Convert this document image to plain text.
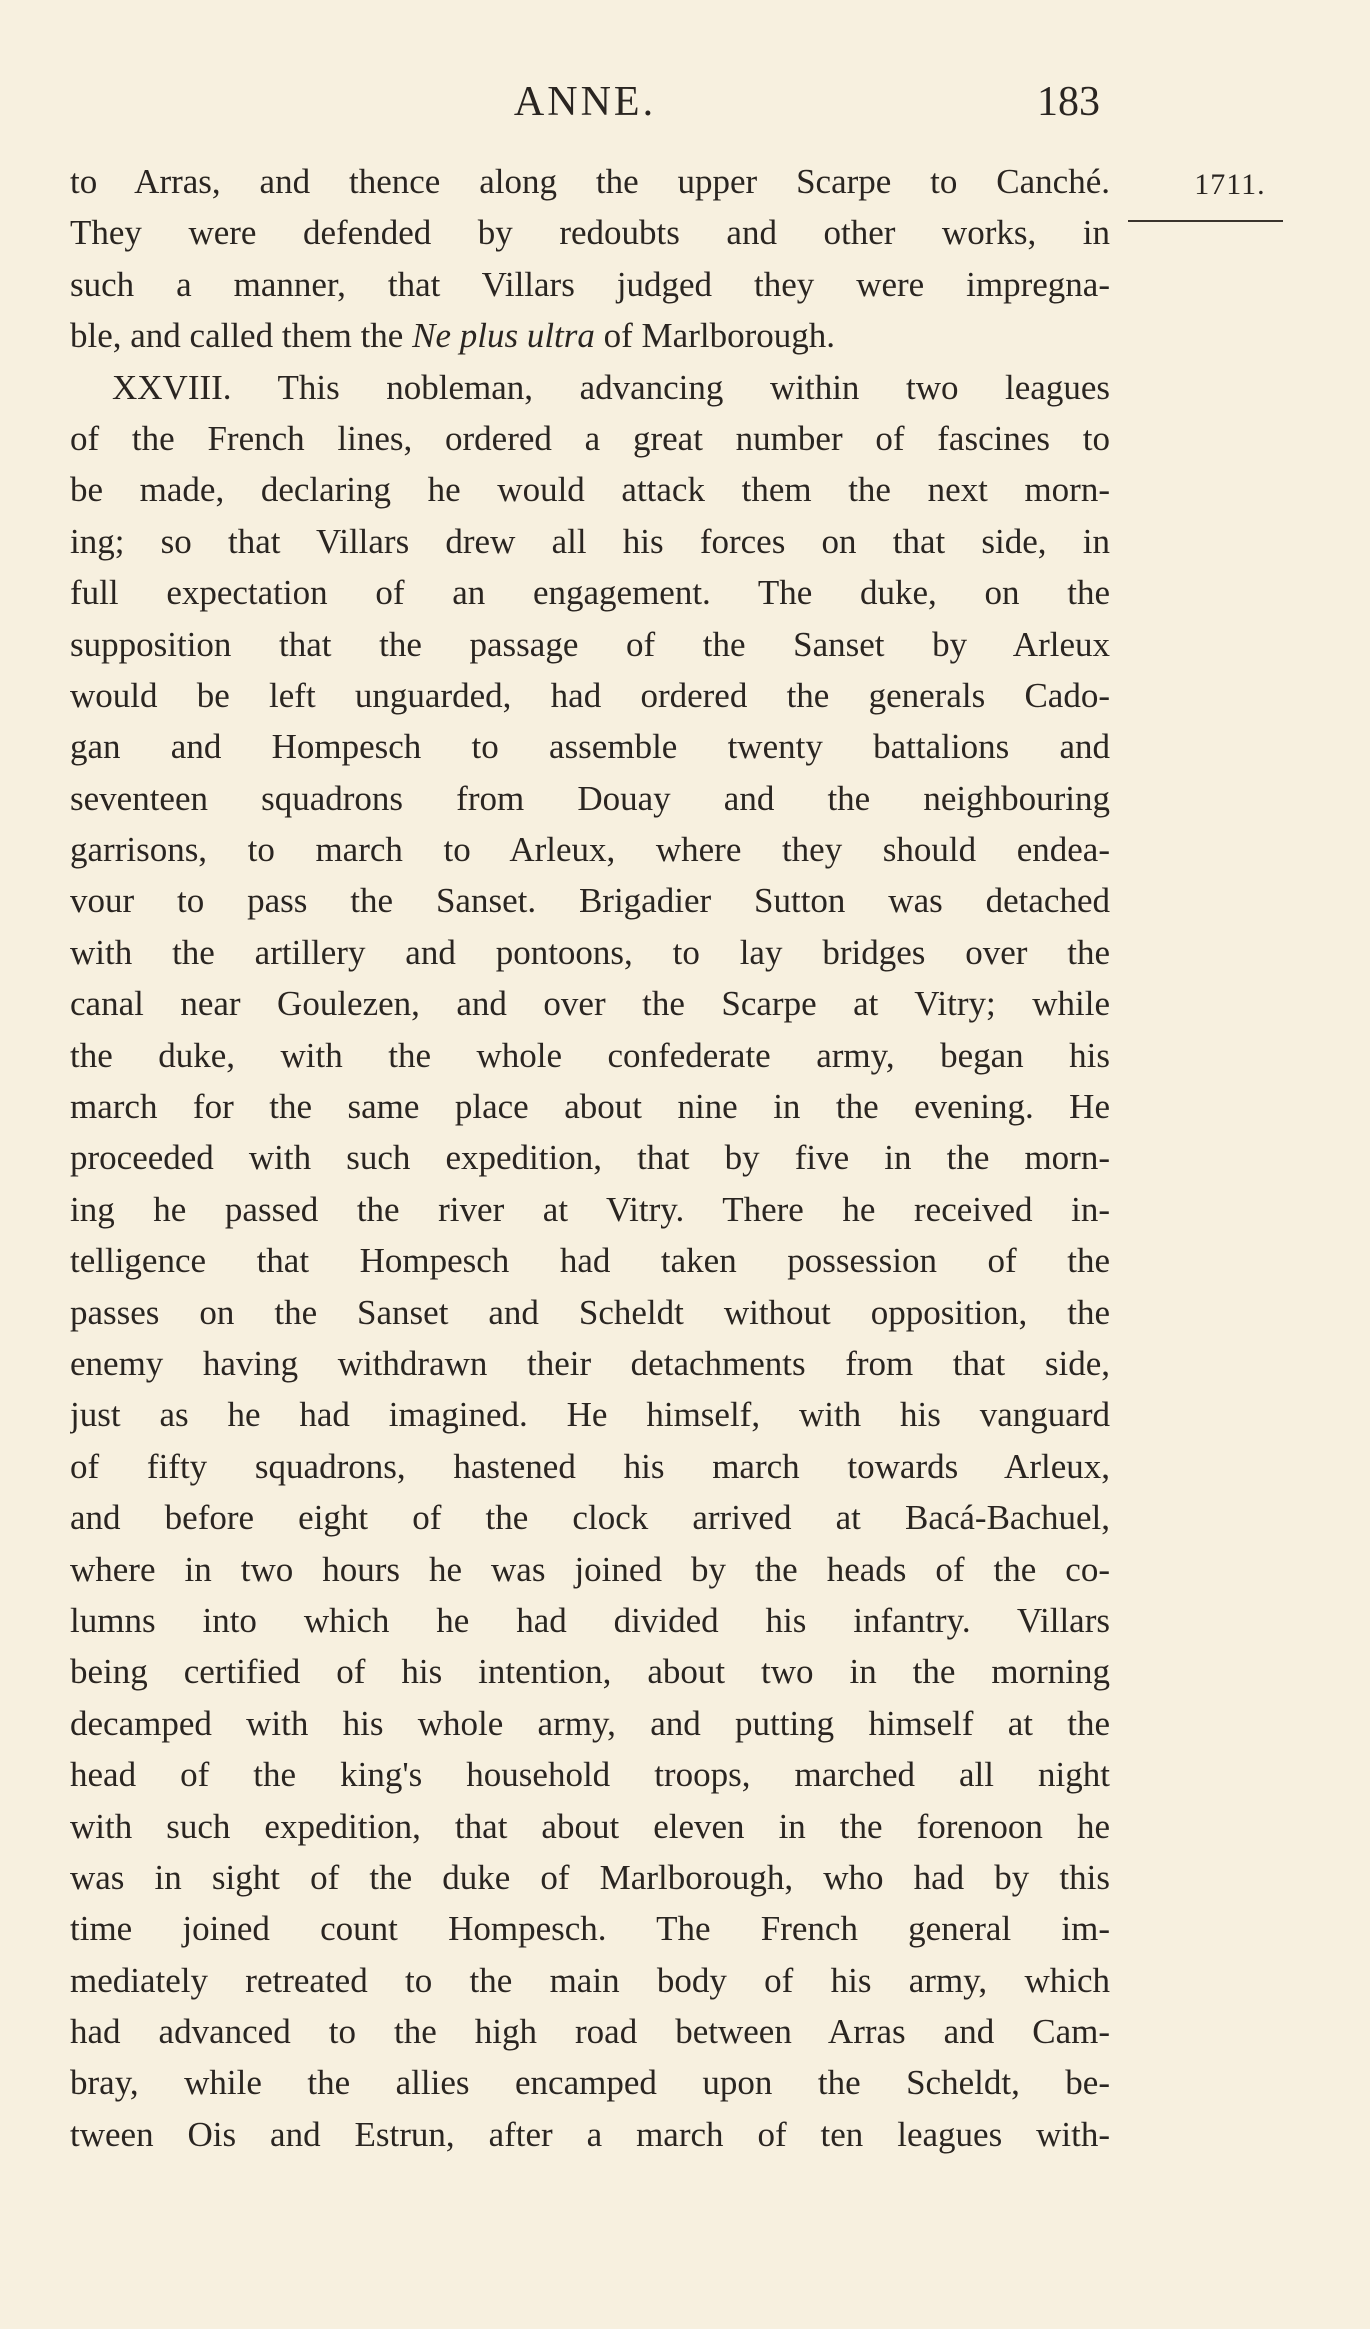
ANNE.	183
1711.
to Arras, and thence along the upper Scarpe to Canché.
They were defended by redoubts and other works, in
such a manner, that Villars judged they were impregna-
ble, and called them the Ne plus ultra of Marlborough.
XXVIII. This nobleman, advancing within two leagues
of the French lines, ordered a great number of fascines to
be made, declaring he would attack them the next morn-
ing; so that Villars drew all his forces on that side, in
full expectation of an engagement. The duke, on the
supposition that the passage of the Sanset by Arleux
would be left unguarded, had ordered the generals Cado-
gan and Hompesch to assemble twenty battalions and
seventeen squadrons from Douay and the neighbouring
garrisons, to march to Arleux, where they should endea-
vour to pass the Sanset. Brigadier Sutton was detached
with the artillery and pontoons, to lay bridges over the
canal near Goulezen, and over the Scarpe at Vitry; while
the duke, with the whole confederate army, began his
march for the same place about nine in the evening. He
proceeded with such expedition, that by five in the morn-
ing he passed the river at Vitry. There he received in-
telligence that Hompesch had taken possession of the
passes on the Sanset and Scheldt without opposition, the
enemy having withdrawn their detachments from that side,
just as he had imagined. He himself, with his vanguard
of fifty squadrons, hastened his march towards Arleux,
and before eight of the clock arrived at Bacá-Bachuel,
where in two hours he was joined by the heads of the co-
lumns into which he had divided his infantry. Villars
being certified of his intention, about two in the morning
decamped with his whole army, and putting himself at the
head of the king's household troops, marched all night
with such expedition, that about eleven in the forenoon he
was in sight of the duke of Marlborough, who had by this
time joined count Hompesch. The French general im-
mediately retreated to the main body of his army, which
had advanced to the high road between Arras and Cam-
bray, while the allies encamped upon the Scheldt, be-
tween Ois and Estrun, after a march of ten leagues with-
